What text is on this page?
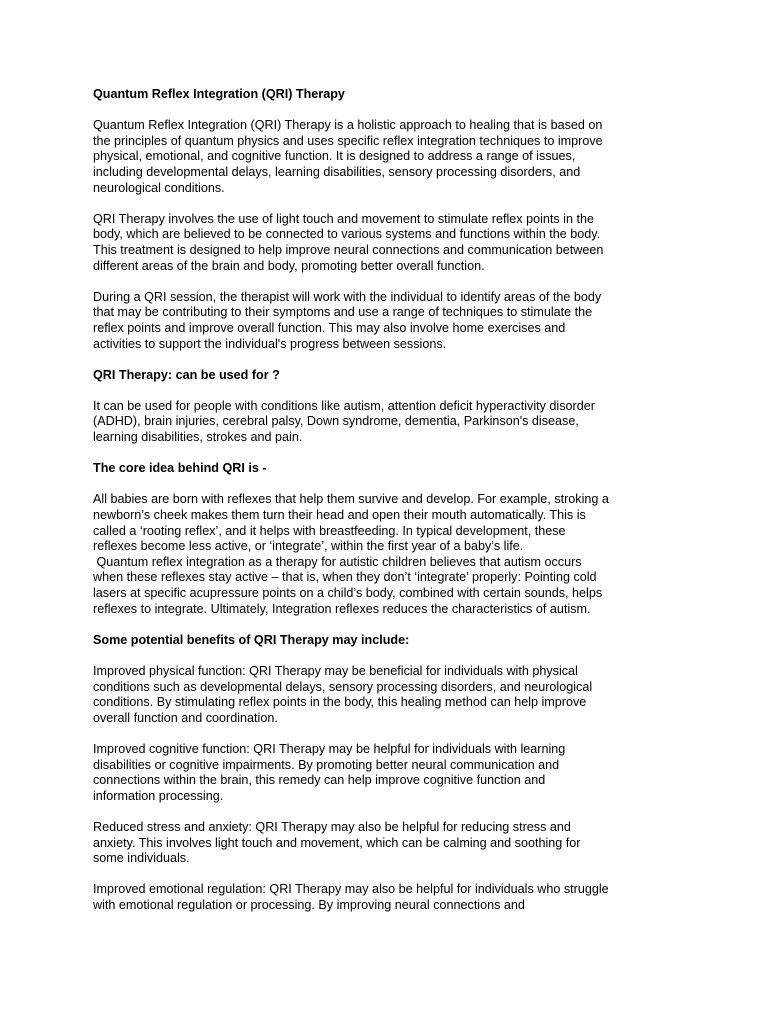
Quantum Reflex Integration (QRI) Therapy

Quantum Reflex Integration (QRI) Therapy is a holistic approach to healing that is based on
the principles of quantum physics and uses specific reflex integration techniques to improve
physical, emotional, and cognitive function. It is designed to address a range of issues,
including developmental delays, learning disabilities, sensory processing disorders, and
neurological conditions.

QRI Therapy involves the use of light touch and movement to stimulate reflex points in the
body, which are believed to be connected to various systems and functions within the body.
This treatment is designed to help improve neural connections and communication between
different areas of the brain and body, promoting better overall function.

During a QRI session, the therapist will work with the individual to identify areas of the body
that may be contributing to their symptoms and use a range of techniques to stimulate the
reflex points and improve overall function. This may also involve home exercises and
activities to support the individual's progress between sessions.

QRI Therapy: can be used for ?

It can be used for people with conditions like autism, attention deficit hyperactivity disorder
(ADHD), brain injuries, cerebral palsy, Down syndrome, dementia, Parkinson's disease,
learning disabilities, strokes and pain.

The core idea behind QRI is -

All babies are born with reflexes that help them survive and develop. For example, stroking a
newborn’s cheek makes them turn their head and open their mouth automatically. This is
called a ‘rooting reflex’, and it helps with breastfeeding. In typical development, these
reflexes become less active, or ‘integrate’, within the first year of a baby’s life.
Quantum reflex integration as a therapy for autistic children believes that autism occurs
when these reflexes stay active – that is, when they don’t ‘integrate’ properly: Pointing cold
lasers at specific acupressure points on a child’s body, combined with certain sounds, helps
reflexes to integrate. Ultimately, Integration reflexes reduces the characteristics of autism.

Some potential benefits of QRI Therapy may include:

Improved physical function: QRI Therapy may be beneficial for individuals with physical
conditions such as developmental delays, sensory processing disorders, and neurological
conditions. By stimulating reflex points in the body, this healing method can help improve
overall function and coordination.

Improved cognitive function: QRI Therapy may be helpful for individuals with learning
disabilities or cognitive impairments. By promoting better neural communication and
connections within the brain, this remedy can help improve cognitive function and
information processing.

Reduced stress and anxiety: QRI Therapy may also be helpful for reducing stress and
anxiety. This involves light touch and movement, which can be calming and soothing for
some individuals.

Improved emotional regulation: QRI Therapy may also be helpful for individuals who struggle
with emotional regulation or processing. By improving neural connections and
